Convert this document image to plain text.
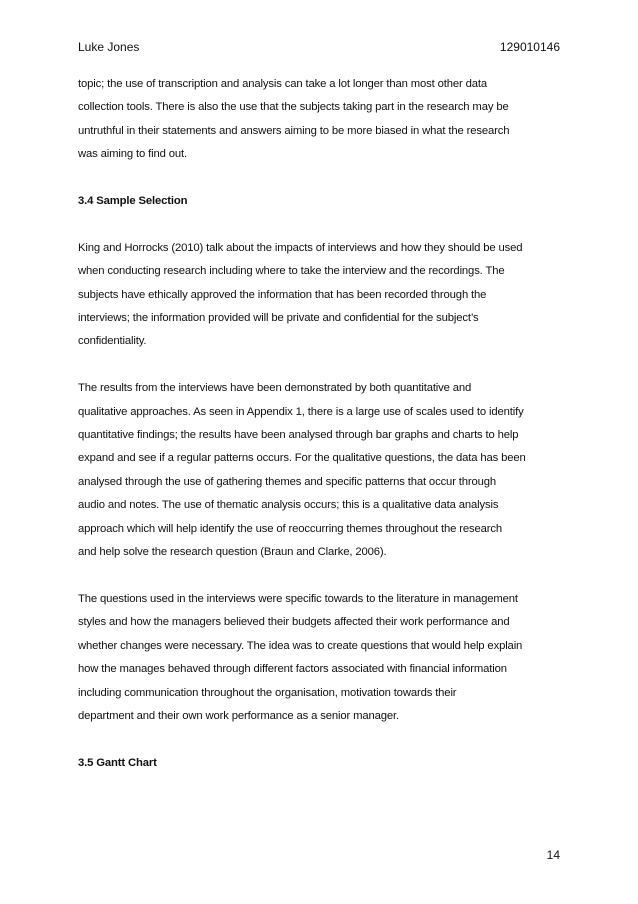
Luke Jones	129010146

topic; the use of transcription and analysis can take a lot longer than most other data
collection tools. There is also the use that the subjects taking part in the research may be
untruthful in their statements and answers aiming to be more biased in what the research
was aiming to find out.

3.4 Sample Selection

King and Horrocks (2010) talk about the impacts of interviews and how they should be used
when conducting research including where to take the interview and the recordings. The
subjects have ethically approved the information that has been recorded through the
interviews; the information provided will be private and confidential for the subject’s
confidentiality.

The results from the interviews have been demonstrated by both quantitative and
qualitative approaches. As seen in Appendix 1, there is a large use of scales used to identify
quantitative findings; the results have been analysed through bar graphs and charts to help
expand and see if a regular patterns occurs. For the qualitative questions, the data has been
analysed through the use of gathering themes and specific patterns that occur through
audio and notes. The use of thematic analysis occurs; this is a qualitative data analysis
approach which will help identify the use of reoccurring themes throughout the research
and help solve the research question (Braun and Clarke, 2006).

The questions used in the interviews were specific towards to the literature in management
styles and how the managers believed their budgets affected their work performance and
whether changes were necessary. The idea was to create questions that would help explain
how the manages behaved through different factors associated with financial information
including communication throughout the organisation, motivation towards their
department and their own work performance as a senior manager.

3.5 Gantt Chart
14
